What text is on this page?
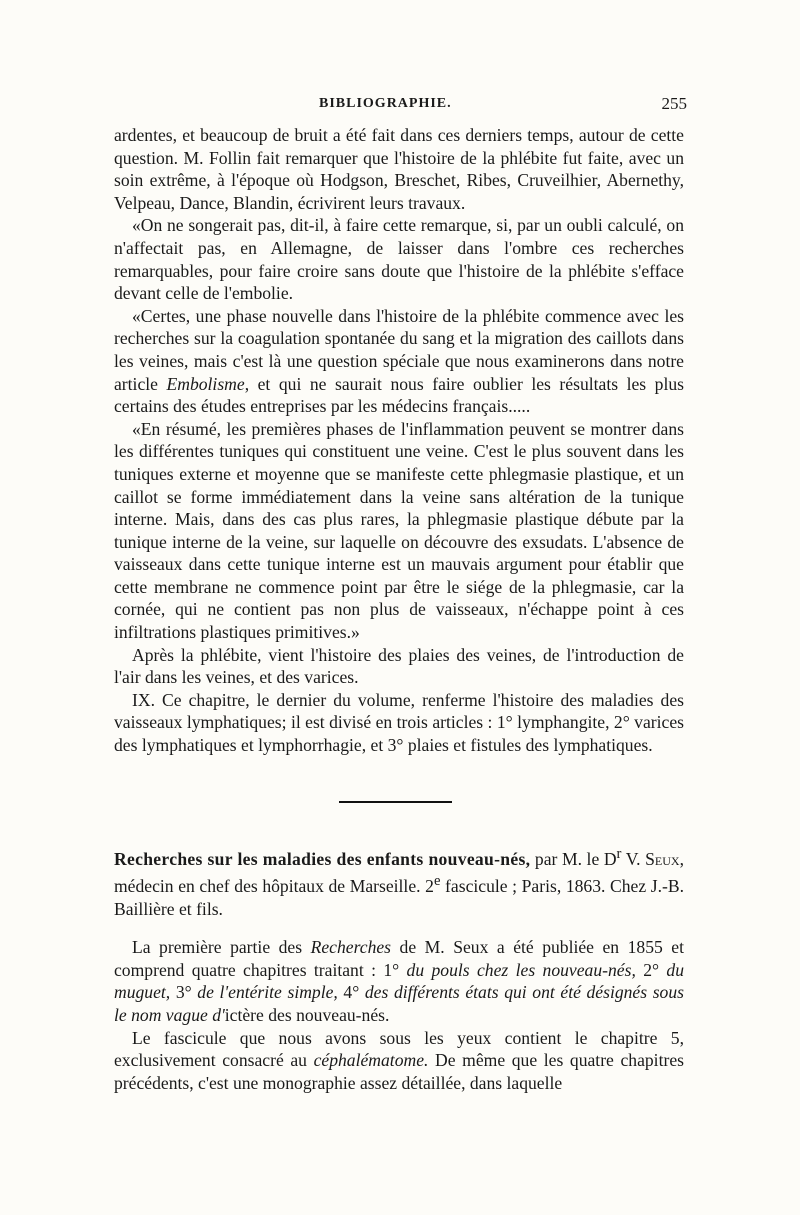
BIBLIOGRAPHIE.	255

ardentes, et beaucoup de bruit a été fait dans ces derniers temps, autour de cette question. M. Follin fait remarquer que l'histoire de la phlébite fut faite, avec un soin extrême, à l'époque où Hodgson, Breschet, Ribes, Cruveilhier, Abernethy, Velpeau, Dance, Blandin, écrivirent leurs travaux.

«On ne songerait pas, dit-il, à faire cette remarque, si, par un oubli calculé, on n'affectait pas, en Allemagne, de laisser dans l'ombre ces recherches remarquables, pour faire croire sans doute que l'histoire de la phlébite s'efface devant celle de l'embolie.

«Certes, une phase nouvelle dans l'histoire de la phlébite commence avec les recherches sur la coagulation spontanée du sang et la migration des caillots dans les veines, mais c'est là une question spéciale que nous examinerons dans notre article Embolisme, et qui ne saurait nous faire oublier les résultats les plus certains des études entreprises par les médecins français.....

«En résumé, les premières phases de l'inflammation peuvent se montrer dans les différentes tuniques qui constituent une veine. C'est le plus souvent dans les tuniques externe et moyenne que se manifeste cette phlegmasie plastique, et un caillot se forme immédiatement dans la veine sans altération de la tunique interne. Mais, dans des cas plus rares, la phlegmasie plastique débute par la tunique interne de la veine, sur laquelle on découvre des exsudats. L'absence de vaisseaux dans cette tunique interne est un mauvais argument pour établir que cette membrane ne commence point par être le siége de la phlegmasie, car la cornée, qui ne contient pas non plus de vaisseaux, n'échappe point à ces infiltrations plastiques primitives.»

Après la phlébite, vient l'histoire des plaies des veines, de l'introduction de l'air dans les veines, et des varices.

IX. Ce chapitre, le dernier du volume, renferme l'histoire des maladies des vaisseaux lymphatiques; il est divisé en trois articles : 1° lymphangite, 2° varices des lymphatiques et lymphorrhagie, et 3° plaies et fistules des lymphatiques.

Recherches sur les maladies des enfants nouveau-nés, par M. le $D^r$ V. Seux, médecin en chef des hôpitaux de Marseille. 2e fascicule ; Paris, 1863. Chez J.-B. Baillière et fils.

La première partie des Recherches de M. Seux a été publiée en 1855 et comprend quatre chapitres traitant : 1° du pouls chez les nouveau-nés, 2° du muguet, 3° de l'entérite simple, 4° des différents états qui ont été désignés sous le nom vague d'ictère des nouveau-nés.

Le fascicule que nous avons sous les yeux contient le chapitre 5, exclusivement consacré au céphalématome. De même que les quatre chapitres précédents, c'est une monographie assez détaillée, dans laquelle
